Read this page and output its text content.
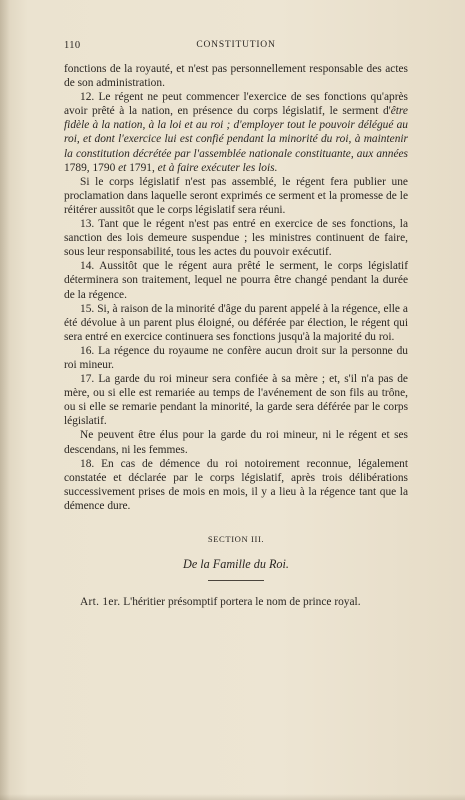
110	CONSTITUTION

fonctions de la royauté, et n'est pas personnellement responsable des actes de son administration.

12. Le régent ne peut commencer l'exercice de ses fonctions qu'après avoir prêté à la nation, en présence du corps législatif, le serment d'être fidèle à la nation, à la loi et au roi ; d'employer tout le pouvoir délégué au roi, et dont l'exercice lui est confié pendant la minorité du roi, à maintenir la constitution décrétée par l'assemblée nationale constituante, aux années 1789, 1790 et 1791, et à faire exécuter les lois.

Si le corps législatif n'est pas assemblé, le régent fera publier une proclamation dans laquelle seront exprimés ce serment et la promesse de le réitérer aussitôt que le corps législatif sera réuni.

13. Tant que le régent n'est pas entré en exercice de ses fonctions, la sanction des lois demeure suspendue ; les ministres continuent de faire, sous leur responsabilité, tous les actes du pouvoir exécutif.

14. Aussitôt que le régent aura prêté le serment, le corps législatif déterminera son traitement, lequel ne pourra être changé pendant la durée de la régence.

15. Si, à raison de la minorité d'âge du parent appelé à la régence, elle a été dévolue à un parent plus éloigné, ou déférée par élection, le régent qui sera entré en exercice continuera ses fonctions jusqu'à la majorité du roi.

16. La régence du royaume ne confère aucun droit sur la personne du roi mineur.

17. La garde du roi mineur sera confiée à sa mère ; et, s'il n'a pas de mère, ou si elle est remariée au temps de l'avénement de son fils au trône, ou si elle se remarie pendant la minorité, la garde sera déférée par le corps législatif.

Ne peuvent être élus pour la garde du roi mineur, ni le régent et ses descendans, ni les femmes.

18. En cas de démence du roi notoirement reconnue, légalement constatée et déclarée par le corps législatif, après trois délibérations successivement prises de mois en mois, il y a lieu à la régence tant que la démence dure.

SECTION III.
De la Famille du Roi.

Art. 1er. L'héritier présomptif portera le nom de prince royal.
